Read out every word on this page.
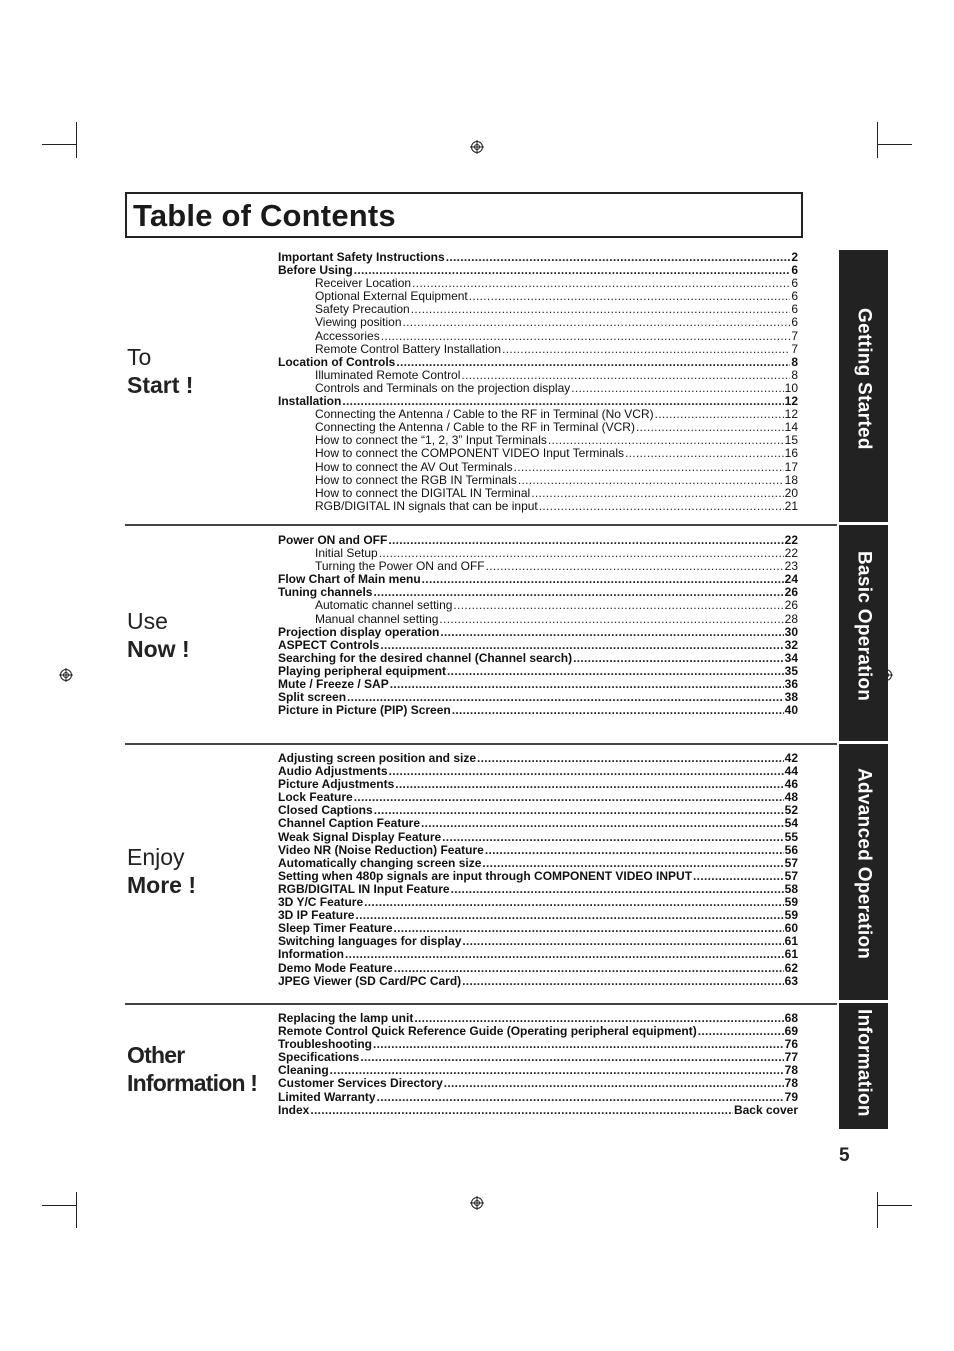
Table of Contents
To
Start !
Important Safety Instructions .....	2
Before Using .....	6
Receiver Location .....	6
Optional External Equipment .....	6
Safety Precaution .....	6
Viewing position .....	6
Accessories .....	7
Remote Control Battery Installation .....	7
Location of Controls .....	8
Illuminated Remote Control .....	8
Controls and Terminals on the projection display .....	10
Installation .....	12
Connecting the Antenna / Cable to the RF in Terminal (No VCR) .....	12
Connecting the Antenna / Cable to the RF in Terminal (VCR) .....	14
How to connect the “1, 2, 3” Input Terminals .....	15
How to connect the COMPONENT VIDEO Input Terminals .....	16
How to connect the AV Out Terminals .....	17
How to connect the RGB IN Terminals .....	18
How to connect the DIGITAL IN Terminal .....	20
RGB/DIGITAL IN signals that can be input .....	21
Use
Now !
Power ON and OFF .....	22
Initial Setup .....	22
Turning the Power ON and OFF .....	23
Flow Chart of Main menu .....	24
Tuning channels .....	26
Automatic channel setting .....	26
Manual channel setting .....	28
Projection display operation .....	30
ASPECT Controls .....	32
Searching for the desired channel (Channel search) .....	34
Playing peripheral equipment .....	35
Mute / Freeze / SAP .....	36
Split screen .....	38
Picture in Picture (PIP) Screen .....	40
Enjoy
More !
Adjusting screen position and size .....	42
Audio Adjustments .....	44
Picture Adjustments .....	46
Lock Feature .....	48
Closed Captions .....	52
Channel Caption Feature .....	54
Weak Signal Display Feature .....	55
Video NR (Noise Reduction) Feature .....	56
Automatically changing screen size .....	57
Setting when 480p signals are input through COMPONENT VIDEO INPUT .....	57
RGB/DIGITAL IN Input Feature .....	58
3D Y/C Feature .....	59
3D IP Feature .....	59
Sleep Timer Feature .....	60
Switching languages for display .....	61
Information .....	61
Demo Mode Feature .....	62
JPEG Viewer (SD Card/PC Card) .....	63
Other
Information !
Replacing the lamp unit .....	68
Remote Control Quick Reference Guide (Operating peripheral equipment) .....	69
Troubleshooting .....	76
Specifications .....	77
Cleaning .....	78
Customer Services Directory .....	78
Limited Warranty .....	79
Index .....	Back cover
Getting Started
Basic Operation
Advanced Operation
Information
5
